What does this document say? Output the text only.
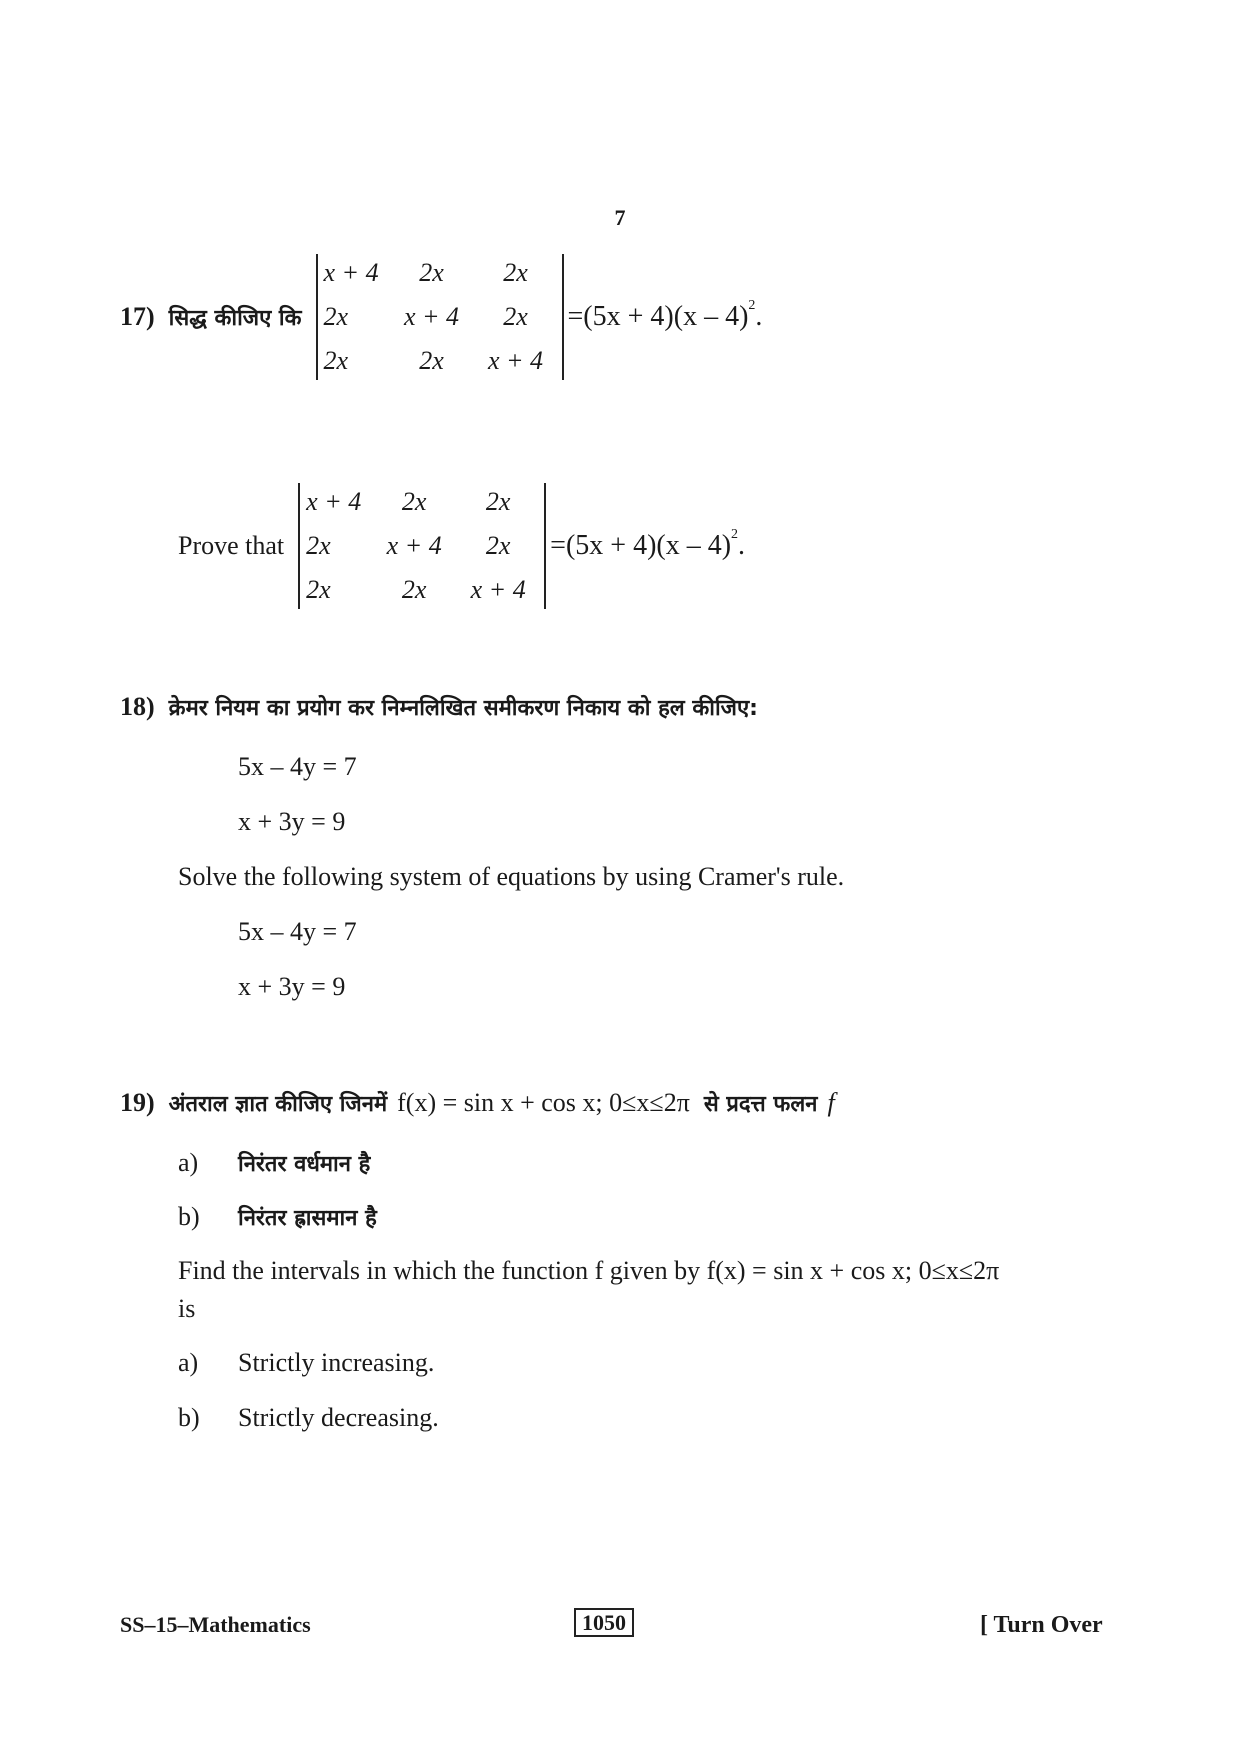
7
17) सिद्ध कीजिए कि
x + 4	2x	2x
2x	x + 4	2x
2x	2x	x + 4
=(5x + 4)(x – 4)$^2$.
Prove that
x + 4	2x	2x
2x	x + 4	2x
2x	2x	x + 4
=(5x + 4)(x – 4)$^2$.
18) क्रेमर नियम का प्रयोग कर निम्नलिखित समीकरण निकाय को हल कीजिए:
5x – 4y = 7
x + 3y = 9
Solve the following system of equations by using Cramer's rule.
5x – 4y = 7
x + 3y = 9
19) अंतराल ज्ञात कीजिए जिनमें f(x) = sin x + cos x; 0≤x≤2π से प्रदत्त फलन f
a)	निरंतर वर्धमान है
b)	निरंतर ह्रासमान है
Find the intervals in which the function f given by f(x) = sin x + cos x; 0≤x≤2π
is
a)	Strictly increasing.
b)	Strictly decreasing.
SS–15–Mathematics	1050	[ Turn Over
